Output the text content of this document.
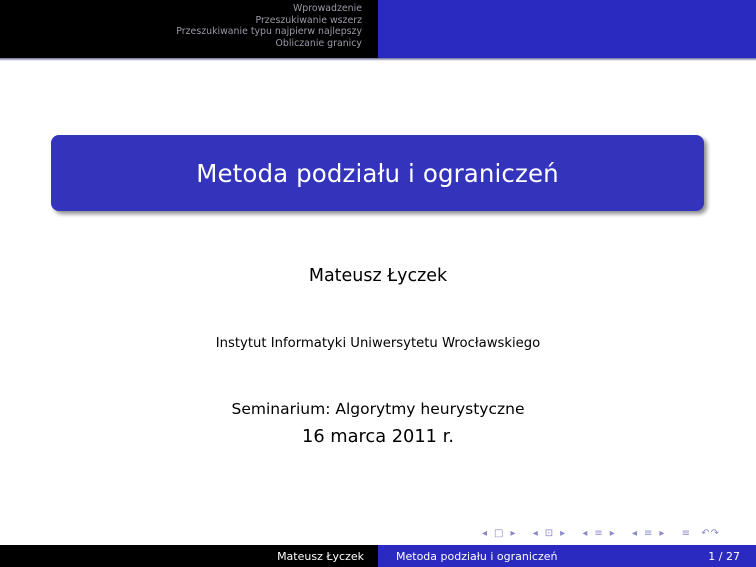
Wprowadzenie
Przeszukiwanie wszerz
Przeszukiwanie typu najpierw najlepszy
Obliczanie granicy
Metoda podziału i ograniczeń
Mateusz Łyczek
Instytut Informatyki Uniwersytetu Wrocławskiego
Seminarium: Algorytmy heurystyczne
16 marca 2011 r.
◂ □ ▸ ◂ ⊡ ▸ ◂ ≡ ▸ ◂ ≡ ▸ ≡ ↶↷
Mateusz Łyczek	Metoda podziału i ograniczeń	1 / 27
